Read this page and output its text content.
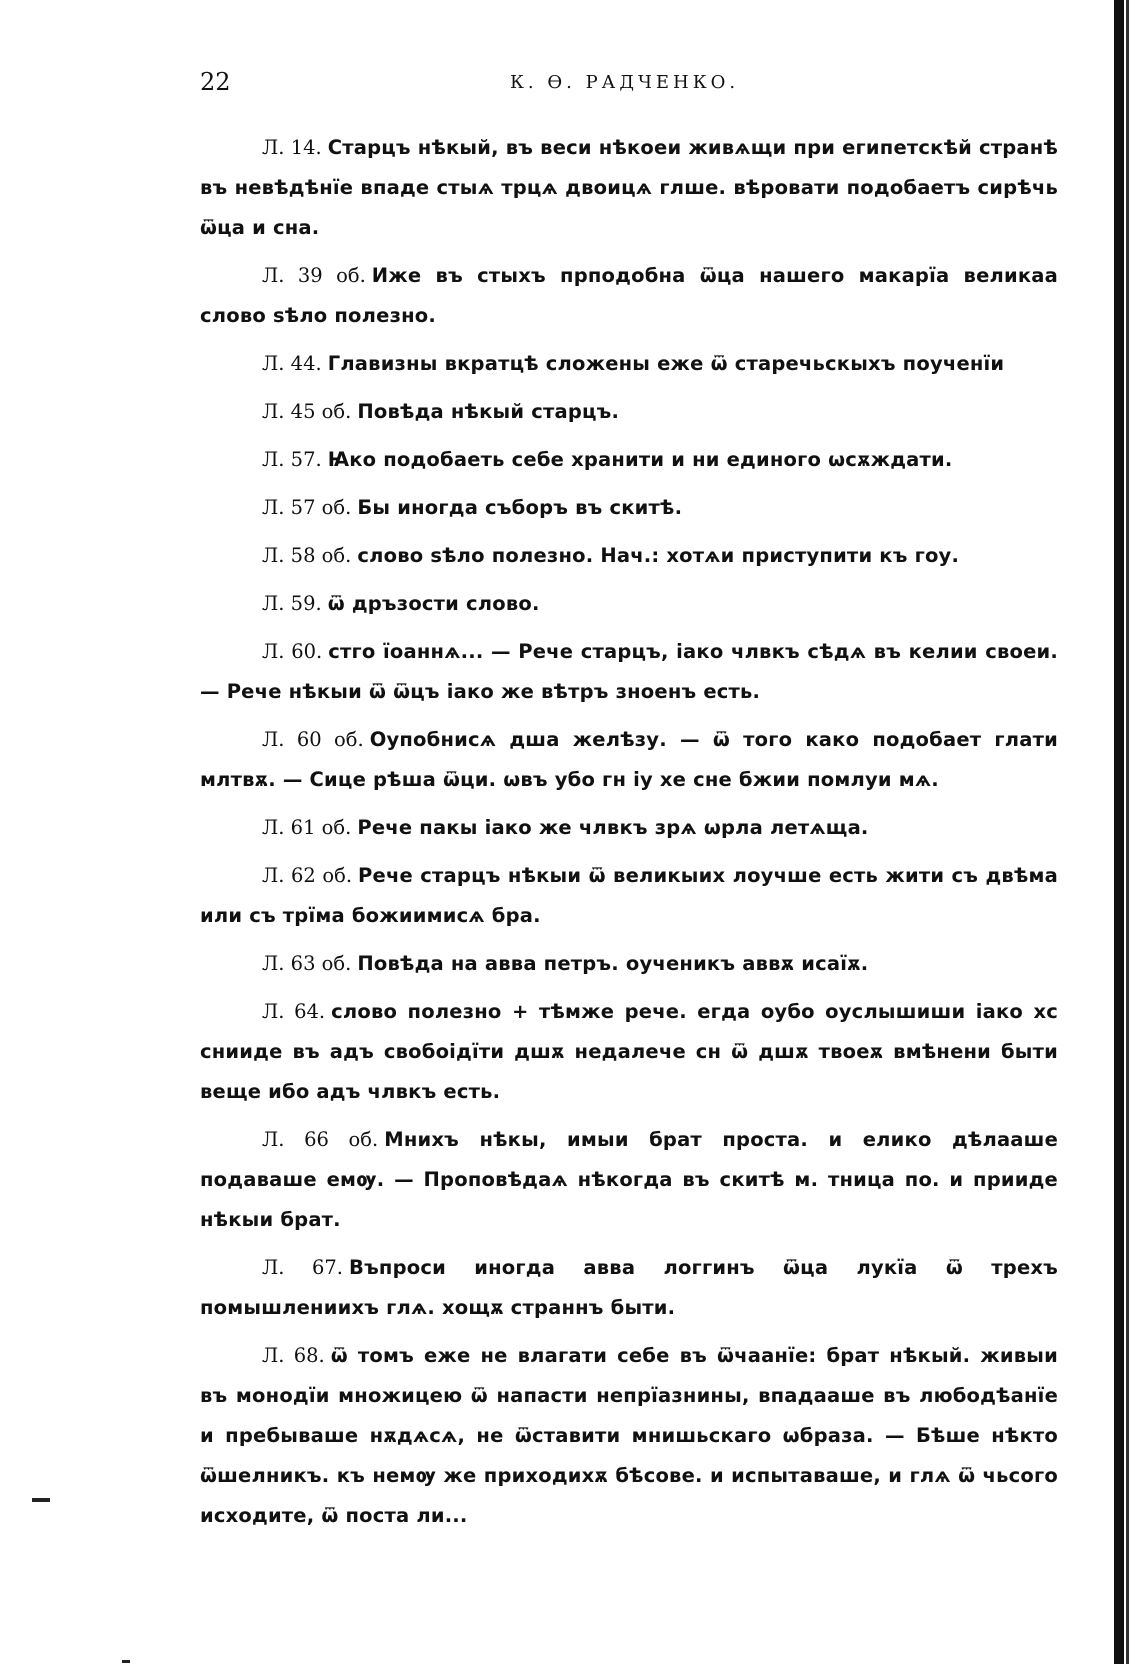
22	К. Ѳ. РАДЧЕНКО.

Л. 14. Старцъ нѣкый, въ веси нѣкоеи живѧщи при египетскѣй странѣ въ невѣдѣнїе впаде стыѧ трцѧ двоицѧ глше. вѣровати подобаетъ сирѣчь ѿца и сна.

Л. 39 об. Иже въ стыхъ прподобна ѿца нашего макарїа великаа слово ѕѣло полезно.

Л. 44. Главизны вкратцѣ сложены еже ѿ старечьскыхъ поученїи

Л. 45 об. Повѣда нѣкый старцъ.

Л. 57. Ꙗко подобаеть себе хранити и ни единого ѡсѫждати.

Л. 57 об. Бы иногда съборъ въ скитѣ.

Л. 58 об. слово ѕѣло полезно. Нач.: хотѧи приступити къ гоу.

Л. 59. ѿ дръзости слово.

Л. 60. стго їоаннѧ... — Рече старцъ, іако члвкъ сѣдѧ въ келии своеи. — Рече нѣкыи ѿ ѿцъ іако же вѣтръ зноенъ есть.

Л. 60 об. Оупобнисѧ дша желѣзу. — ѿ того како подобает глати млтвѫ. — Сице рѣша ѿци. ѡвъ убо гн іу хе сне бжии помлуи мѧ.

Л. 61 об. Рече пакы іако же члвкъ зрѧ ѡрла летѧща.

Л. 62 об. Рече старцъ нѣкыи ѿ великыих лоучше есть жити съ двѣма или съ трїма божиимисѧ бра.

Л. 63 об. Повѣда на авва петръ. оученикъ аввѫ исаїѫ.

Л. 64. слово полезно + тѣмже рече. егда оубо оуслышиши іако хс снииде въ адъ свобоідїти дшѫ недалече сн ѿ дшѫ твоеѫ вмѣнени быти веще ибо адъ члвкъ есть.

Л. 66 об. Мнихъ нѣкы, имыи брат проста. и елико дѣлааше подаваше емѹ. — Проповѣдаѧ нѣкогда въ скитѣ м. тница по. и прииде нѣкыи брат.

Л. 67. Въпроси иногда авва логгинъ ѿца лукїа ѿ трехъ помышлениихъ глѧ. хощѫ страннъ быти.

Л. 68. ѿ томъ еже не влагати себе въ ѿчаанїе: брат нѣкый. живыи въ монодїи множицею ѿ напасти непрїазнины, впадааше въ любодѣанїе и пребываше нѫдѧсѧ, не ѿставити мнишьскаго ѡбраза. — Бѣше нѣкто ѿшелникъ. къ немѹ же приходихѫ бѣсове. и испытаваше, и глѧ ѿ чьсого исходите, ѿ поста ли...
